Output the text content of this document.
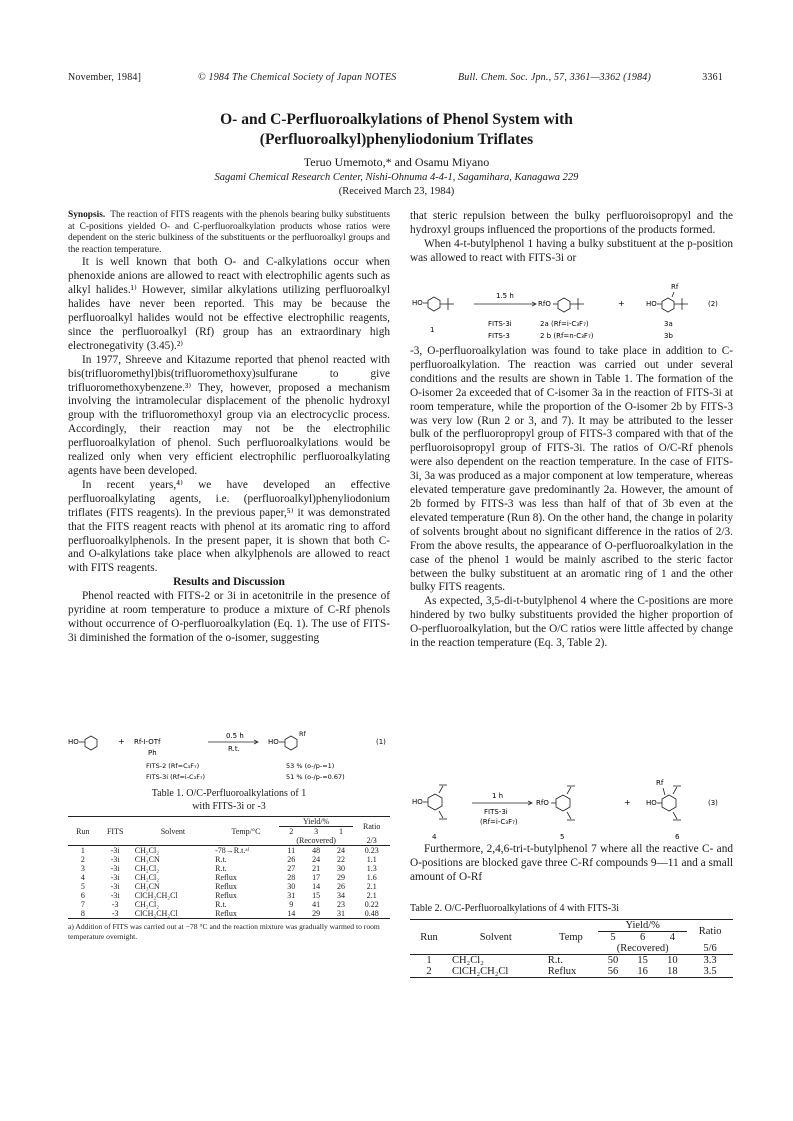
November, 1984]	© 1984 The Chemical Society of Japan NOTES	Bull. Chem. Soc. Jpn., 57, 3361—3362 (1984)	3361
O- and C-Perfluoroalkylations of Phenol System with
(Perfluoroalkyl)phenyliodonium Triflates
Teruo Umemoto,* and Osamu Miyano
Sagami Chemical Research Center, Nishi-Ohnuma 4-4-1, Sagamihara, Kanagawa 229
(Received March 23, 1984)
Synopsis. The reaction of FITS reagents with the phenols bearing bulky substituents at C-positions yielded O- and C-perfluoroalkylation products whose ratios were dependent on the steric bulkiness of the substituents or the perfluoroalkyl groups and the reaction temperature.

It is well known that both O- and C-alkylations occur when phenoxide anions are allowed to react with electrophilic agents such as alkyl halides.¹⁾ However, similar alkylations utilizing perfluoroalkyl halides have never been reported. This may be because the perfluoroalkyl halides would not be effective electrophilic reagents, since the perfluoroalkyl (Rf) group has an extraordinary high electronegativity (3.45).²⁾

In 1977, Shreeve and Kitazume reported that phenol reacted with bis(trifluoromethyl)bis(trifluoromethoxy)sulfurane to give trifluoromethoxybenzene.³⁾ They, however, proposed a mechanism involving the intramolecular displacement of the phenolic hydroxyl group with the trifluoromethoxyl group via an electrocyclic process. Accordingly, their reaction may not be the electrophilic perfluoroalkylation of phenol. Such perfluoroalkylations would be realized only when very efficient electrophilic perfluoroalkylating agents have been developed.

In recent years,⁴⁾ we have developed an effective perfluoroalkylating agents, i.e. (perfluoroalkyl)phenyliodonium triflates (FITS reagents). In the previous paper,⁵⁾ it was demonstrated that the FITS reagent reacts with phenol at its aromatic ring to afford perfluoroalkylphenols. In the present paper, it is shown that both C- and O-alkylations take place when alkylphenols are allowed to react with FITS reagents.

Results and Discussion

Phenol reacted with FITS-2 or 3i in acetonitrile in the presence of pyridine at room temperature to produce a mixture of C-Rf phenols without occurrence of O-perfluoroalkylation (Eq. 1). The use of FITS-3i diminished the formation of the o-isomer, suggesting

HO	+ Rf-I-OTf
Ph
0.5 h
R.t.
HO
Rf
(1)
FITS-2 (Rf=C₃F₇)
FITS-3i (Rf=i-C₃F₇)
53 % (o-/p-=1)
51 % (o-/p-=0.67)
Table 1. O/C-Perfluoroalkylations of 1
with FITS-3i or -3
Run	FITS	Solvent	Temp/°C	Yield/%			Ratio
				2	3	1	
				(Recovered)			2/3
1	-3i	CH₂Cl₂	-78→R.t.ᵃ⁾	11	48	24	0.23
2	-3i	CH₃CN	R.t.	26	24	22	1.1
3	-3i	CH₂Cl₂	R.t.	27	21	30	1.3
4	-3i	CH₂Cl₂	Reflux	28	17	29	1.6
5	-3i	CH₃CN	Reflux	30	14	26	2.1
6	-3i	ClCH₂CH₂Cl	Reflux	31	15	34	2.1
7	-3	CH₂Cl₂	R.t.	9	41	23	0.22
8	-3	ClCH₂CH₂Cl	Reflux	14	29	31	0.48
a) Addition of FITS was carried out at −78 °C and the reaction mixture was gradually warmed to room temperature overnight.

that steric repulsion between the bulky perfluoroisopropyl and the hydroxyl groups influenced the proportions of the products formed.

When 4-t-butylphenol 1 having a bulky substituent at the p-position was allowed to react with FITS-3i or

HO
1
1.5 h
FITS-3i
FITS-3
RfO
2a (Rf=i-C₃F₇)
2 b (Rf=n-C₃F₇)
+	HO
Rf
(2)
3a
3b

-3, O-perfluoroalkylation was found to take place in addition to C-perfluoroalkylation. The reaction was carried out under several conditions and the results are shown in Table 1. The formation of the O-isomer 2a exceeded that of C-isomer 3a in the reaction of FITS-3i at room temperature, while the proportion of the O-isomer 2b by FITS-3 was very low (Run 2 or 3, and 7). It may be attributed to the lesser bulk of the perfluoropropyl group of FITS-3 compared with that of the perfluoroisopropyl group of FITS-3i. The ratios of O/C-Rf phenols were also dependent on the reaction temperature. In the case of FITS-3i, 3a was produced as a major component at low temperature, whereas elevated temperature gave predominantly 2a. However, the amount of 2b formed by FITS-3 was less than half of that of 3b even at the elevated temperature (Run 8). On the other hand, the change in polarity of solvents brought about no significant difference in the ratios of 2/3. From the above results, the appearance of O-perfluoroalkylation in the case of the phenol 1 would be mainly ascribed to the steric factor between the bulky substituent at an aromatic ring of 1 and the other bulky FITS reagents.

As expected, 3,5-di-t-butylphenol 4 where the C-positions are more hindered by two bulky substituents provided the higher proportion of O-perfluoroalkylation, but the O/C ratios were little affected by change in the reaction temperature (Eq. 3, Table 2).

HO
4
1 h
FITS-3i
(Rf=i-C₃F₇)
RfO
5
+ HO
Rf
(3)
6

Furthermore, 2,4,6-tri-t-butylphenol 7 where all the reactive C- and O-positions are blocked gave three C-Rf compounds 9—11 and a small amount of O-Rf

Table 2. O/C-Perfluoroalkylations of 4 with FITS-3i
Run	Solvent	Temp	Yield/%			Ratio
			5	6	4	
			(Recovered)			5/6
1	CH₂Cl₂	R.t.	50	15	10	3.3
2	ClCH₂CH₂Cl	Reflux	56	16	18	3.5
